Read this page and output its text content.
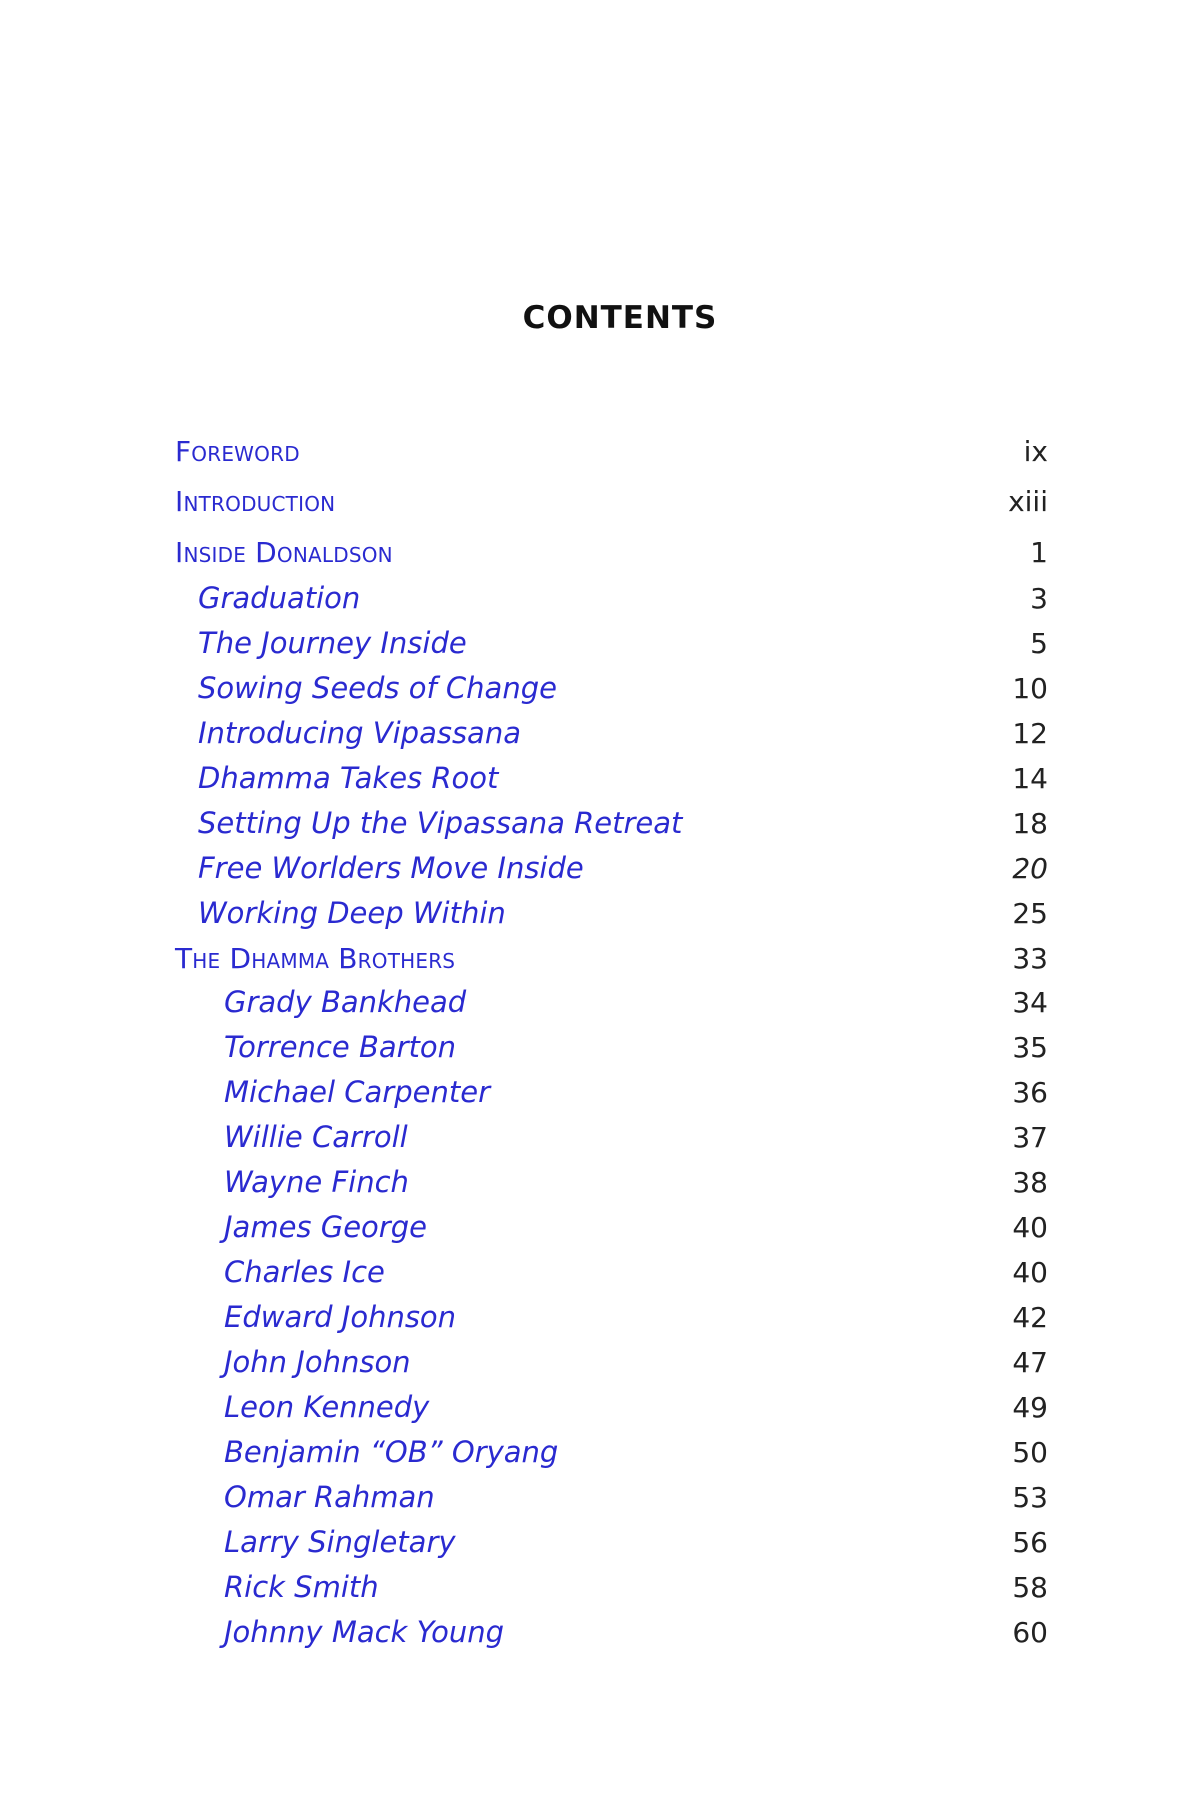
CONTENTS
Foreword	ix
Introduction	xiii
Inside Donaldson	1
Graduation	3
The Journey Inside	5
Sowing Seeds of Change	10
Introducing Vipassana	12
Dhamma Takes Root	14
Setting Up the Vipassana Retreat	18
Free Worlders Move Inside	20
Working Deep Within	25
The Dhamma Brothers	33
Grady Bankhead	34
Torrence Barton	35
Michael Carpenter	36
Willie Carroll	37
Wayne Finch	38
James George	40
Charles Ice	40
Edward Johnson	42
John Johnson	47
Leon Kennedy	49
Benjamin “OB” Oryang	50
Omar Rahman	53
Larry Singletary	56
Rick Smith	58
Johnny Mack Young	60
